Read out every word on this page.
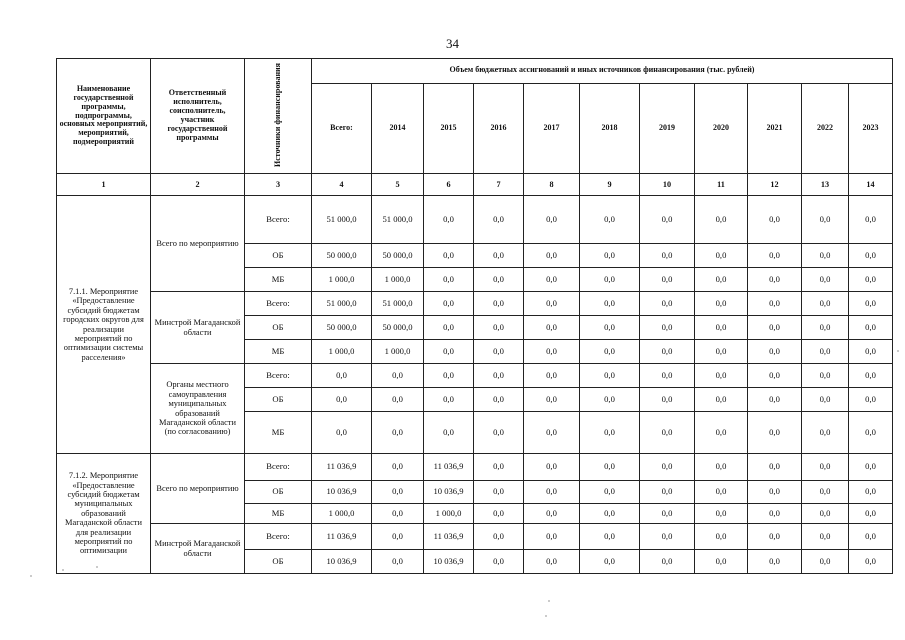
34
Наименование государственной программы, подпрограммы, основных мероприятий, мероприятий, подмероприятий	Ответственный исполнитель, соисполнитель, участник государственной программы	Источники финансирования	Объем бюджетных ассигнований и иных источников финансирования (тыс. рублей)										
			Всего:	2014	2015	2016	2017	2018	2019	2020	2021	2022	2023
1	2	3	4	5	6	7	8	9	10	11	12	13	14
7.1.1. Мероприятие «Предоставление субсидий бюджетам городских округов для реализации мероприятий по оптимизации системы расселения»	Всего по мероприятию	Всего:	51 000,0	51 000,0	0,0	0,0	0,0	0,0	0,0	0,0	0,0	0,0	0,0
		ОБ	50 000,0	50 000,0	0,0	0,0	0,0	0,0	0,0	0,0	0,0	0,0	0,0
		МБ	1 000,0	1 000,0	0,0	0,0	0,0	0,0	0,0	0,0	0,0	0,0	0,0
	Минстрой Магаданской области	Всего:	51 000,0	51 000,0	0,0	0,0	0,0	0,0	0,0	0,0	0,0	0,0	0,0
		ОБ	50 000,0	50 000,0	0,0	0,0	0,0	0,0	0,0	0,0	0,0	0,0	0,0
		МБ	1 000,0	1 000,0	0,0	0,0	0,0	0,0	0,0	0,0	0,0	0,0	0,0
	Органы местного самоуправления муниципальных образований Магаданской области (по согласованию)	Всего:	0,0	0,0	0,0	0,0	0,0	0,0	0,0	0,0	0,0	0,0	0,0
		ОБ	0,0	0,0	0,0	0,0	0,0	0,0	0,0	0,0	0,0	0,0	0,0
		МБ	0,0	0,0	0,0	0,0	0,0	0,0	0,0	0,0	0,0	0,0	0,0
7.1.2. Мероприятие «Предоставление субсидий бюджетам муниципальных образований Магаданской области для реализации мероприятий по оптимизации	Всего по мероприятию	Всего:	11 036,9	0,0	11 036,9	0,0	0,0	0,0	0,0	0,0	0,0	0,0	0,0
		ОБ	10 036,9	0,0	10 036,9	0,0	0,0	0,0	0,0	0,0	0,0	0,0	0,0
		МБ	1 000,0	0,0	1 000,0	0,0	0,0	0,0	0,0	0,0	0,0	0,0	0,0
	Минстрой Магаданской области	Всего:	11 036,9	0,0	11 036,9	0,0	0,0	0,0	0,0	0,0	0,0	0,0	0,0
		ОБ	10 036,9	0,0	10 036,9	0,0	0,0	0,0	0,0	0,0	0,0	0,0	0,0
